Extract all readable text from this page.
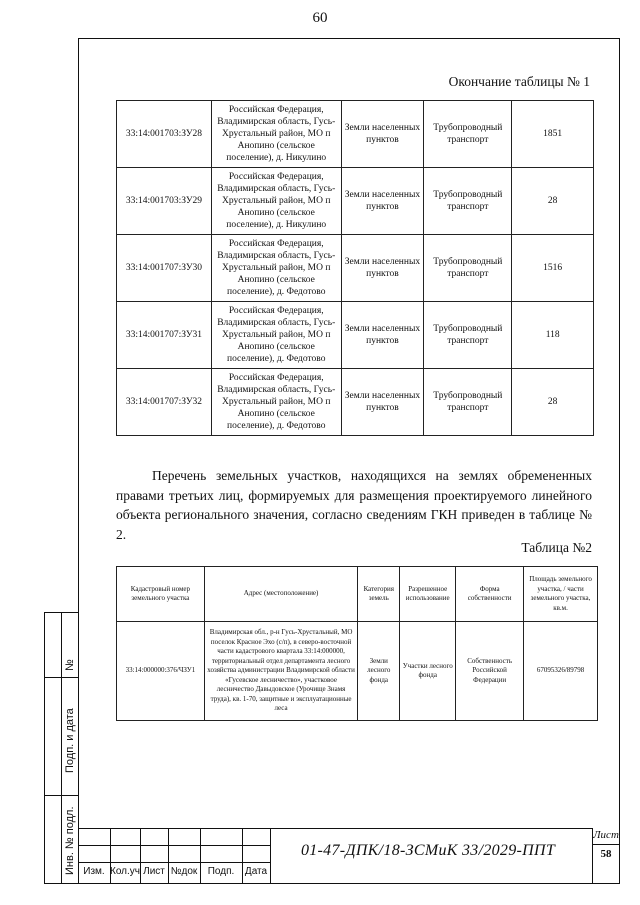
60
№
Подп. и дата
Инв. № подл.
Окончание таблицы № 1
33:14:001703:ЗУ28	Российская Федерация, Владимирская область, Гусь-Хрустальный район, МО п Анопино (сельское поселение), д. Никулино	Земли населенных пунктов	Трубопроводный транспорт	1851
33:14:001703:ЗУ29	Российская Федерация, Владимирская область, Гусь-Хрустальный район, МО п Анопино (сельское поселение), д. Никулино	Земли населенных пунктов	Трубопроводный транспорт	28
33:14:001707:ЗУ30	Российская Федерация, Владимирская область, Гусь-Хрустальный район, МО п Анопино (сельское поселение), д. Федотово	Земли населенных пунктов	Трубопроводный транспорт	1516
33:14:001707:ЗУ31	Российская Федерация, Владимирская область, Гусь-Хрустальный район, МО п Анопино (сельское поселение), д. Федотово	Земли населенных пунктов	Трубопроводный транспорт	118
33:14:001707:ЗУ32	Российская Федерация, Владимирская область, Гусь-Хрустальный район, МО п Анопино (сельское поселение), д. Федотово	Земли населенных пунктов	Трубопроводный транспорт	28
Перечень земельных участков, находящихся на землях обремененных правами третьих лиц, формируемых для размещения проектируемого линейного объекта регионального значения, согласно сведениям ГКН приведен в таблице № 2.
Таблица №2
Кадастровый номер земельного участка	Адрес (местоположение)	Категория земель	Разрешенное использование	Форма собственности	Площадь земельного участка, / части земельного участка, кв.м.
33:14:000000:376/ЧЗУ1	Владимирская обл., р-н Гусь-Хрустальный, МО поселок Красное Эхо (с/п), в северо-восточной части кадастрового квартала 33:14:000000, территориальный отдел департамента лесного хозяйства администрации Владимирской области «Гусевское лесничество», участковое лесничество Давыдовское (Урочище Знамя труда), кв. 1-70, защитные и эксплуатационные леса	Земли лесного фонда	Участки лесного фонда	Собственность Российской Федерации	67095326/89798
Изм. Кол.уч Лист №док	Подп.	Дата
01-47-ДПК/18-ЗСМиК 33/2029-ППТ
Лист
58
